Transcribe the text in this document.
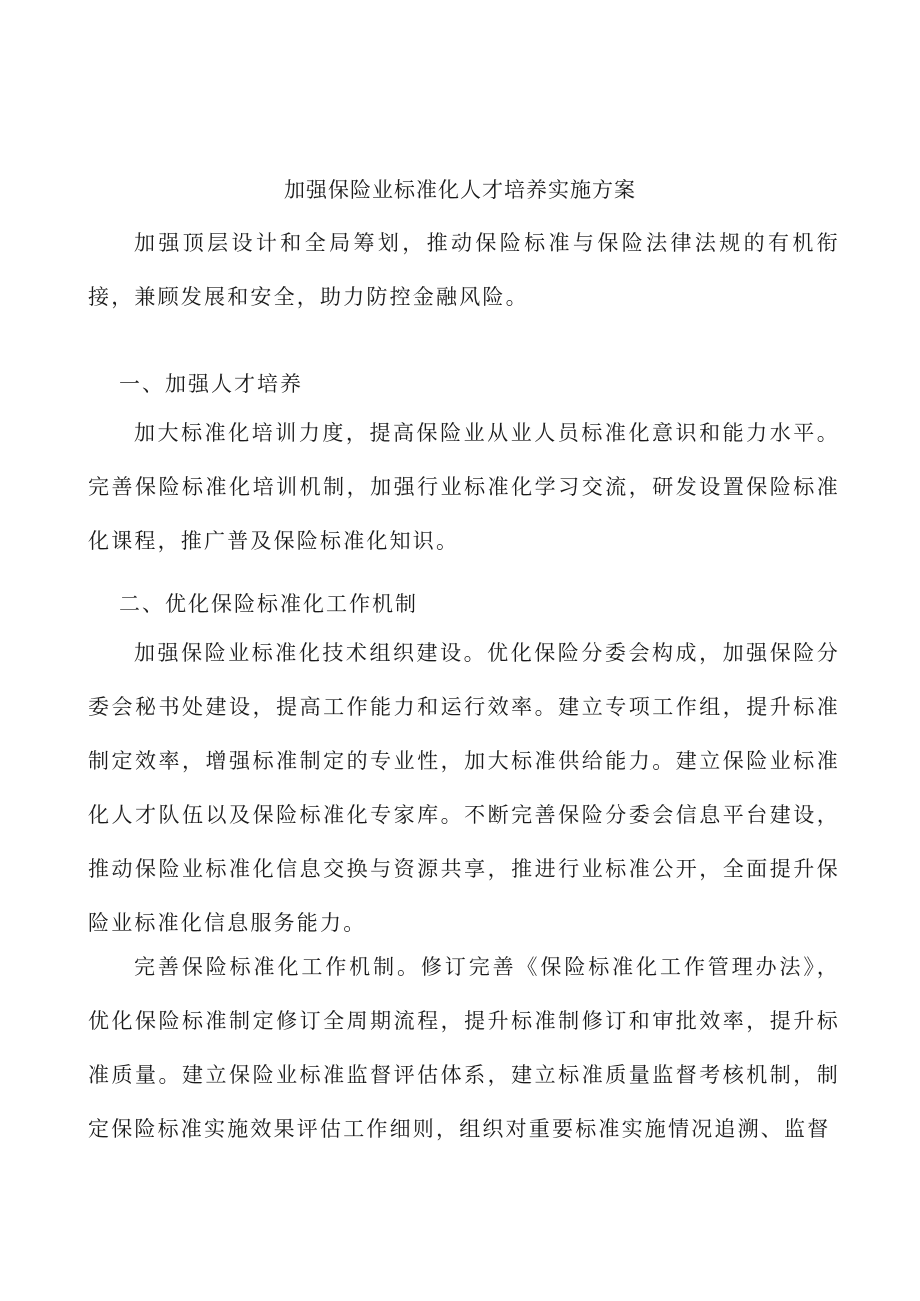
加强保险业标准化人才培养实施方案

加强顶层设计和全局筹划，推动保险标准与保险法律法规的有机衔接，兼顾发展和安全，助力防控金融风险。

一、加强人才培养

加大标准化培训力度，提高保险业从业人员标准化意识和能力水平。完善保险标准化培训机制，加强行业标准化学习交流，研发设置保险标准化课程，推广普及保险标准化知识。

二、优化保险标准化工作机制

加强保险业标准化技术组织建设。优化保险分委会构成，加强保险分委会秘书处建设，提高工作能力和运行效率。建立专项工作组，提升标准制定效率，增强标准制定的专业性，加大标准供给能力。建立保险业标准化人才队伍以及保险标准化专家库。不断完善保险分委会信息平台建设，推动保险业标准化信息交换与资源共享，推进行业标准公开，全面提升保险业标准化信息服务能力。

完善保险标准化工作机制。修订完善《保险标准化工作管理办法》，优化保险标准制定修订全周期流程，提升标准制修订和审批效率，提升标准质量。建立保险业标准监督评估体系，建立标准质量监督考核机制，制定保险标准实施效果评估工作细则，组织对重要标准实施情况追溯、监督
